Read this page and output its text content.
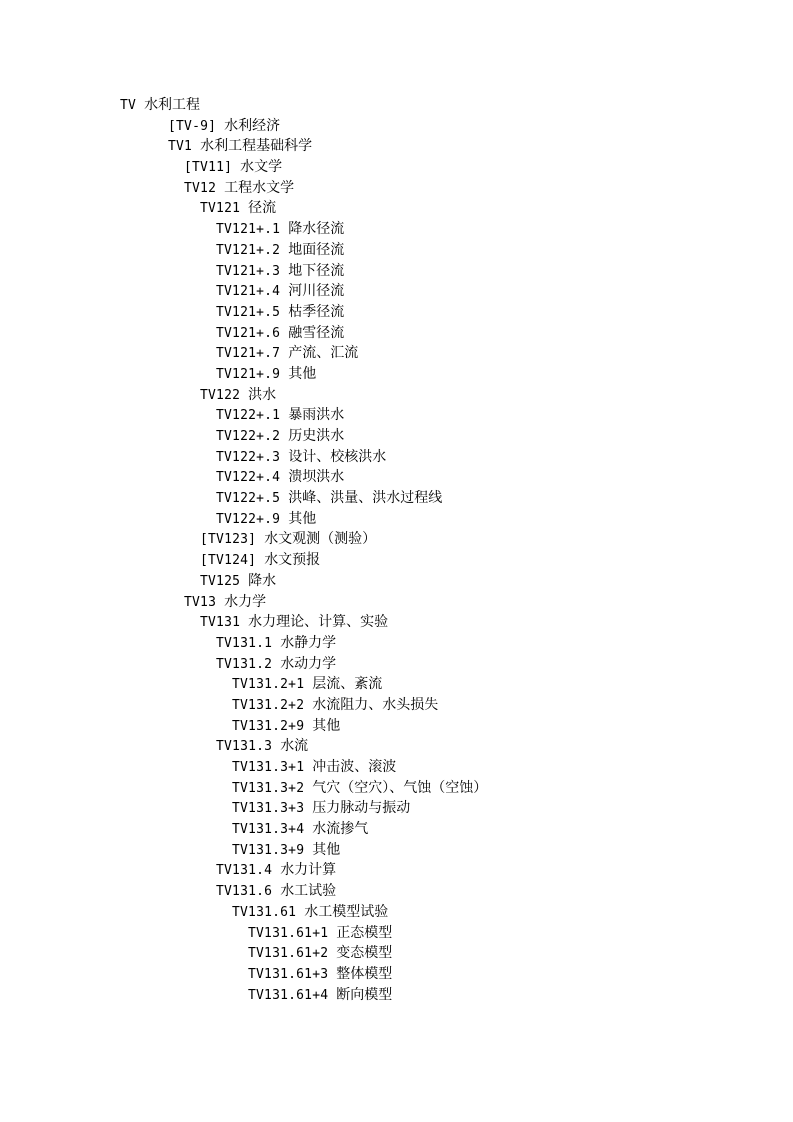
TV 水利工程
[TV-9] 水利经济
TV1 水利工程基础科学
[TV11] 水文学
TV12 工程水文学
TV121 径流
TV121+.1 降水径流
TV121+.2 地面径流
TV121+.3 地下径流
TV121+.4 河川径流
TV121+.5 枯季径流
TV121+.6 融雪径流
TV121+.7 产流、汇流
TV121+.9 其他
TV122 洪水
TV122+.1 暴雨洪水
TV122+.2 历史洪水
TV122+.3 设计、校核洪水
TV122+.4 溃坝洪水
TV122+.5 洪峰、洪量、洪水过程线
TV122+.9 其他
[TV123] 水文观测（测验）
[TV124] 水文预报
TV125 降水
TV13 水力学
TV131 水力理论、计算、实验
TV131.1 水静力学
TV131.2 水动力学
TV131.2+1 层流、紊流
TV131.2+2 水流阻力、水头损失
TV131.2+9 其他
TV131.3 水流
TV131.3+1 冲击波、滚波
TV131.3+2 气穴（空穴）、气蚀（空蚀）
TV131.3+3 压力脉动与振动
TV131.3+4 水流掺气
TV131.3+9 其他
TV131.4 水力计算
TV131.6 水工试验
TV131.61 水工模型试验
TV131.61+1 正态模型
TV131.61+2 变态模型
TV131.61+3 整体模型
TV131.61+4 断向模型
